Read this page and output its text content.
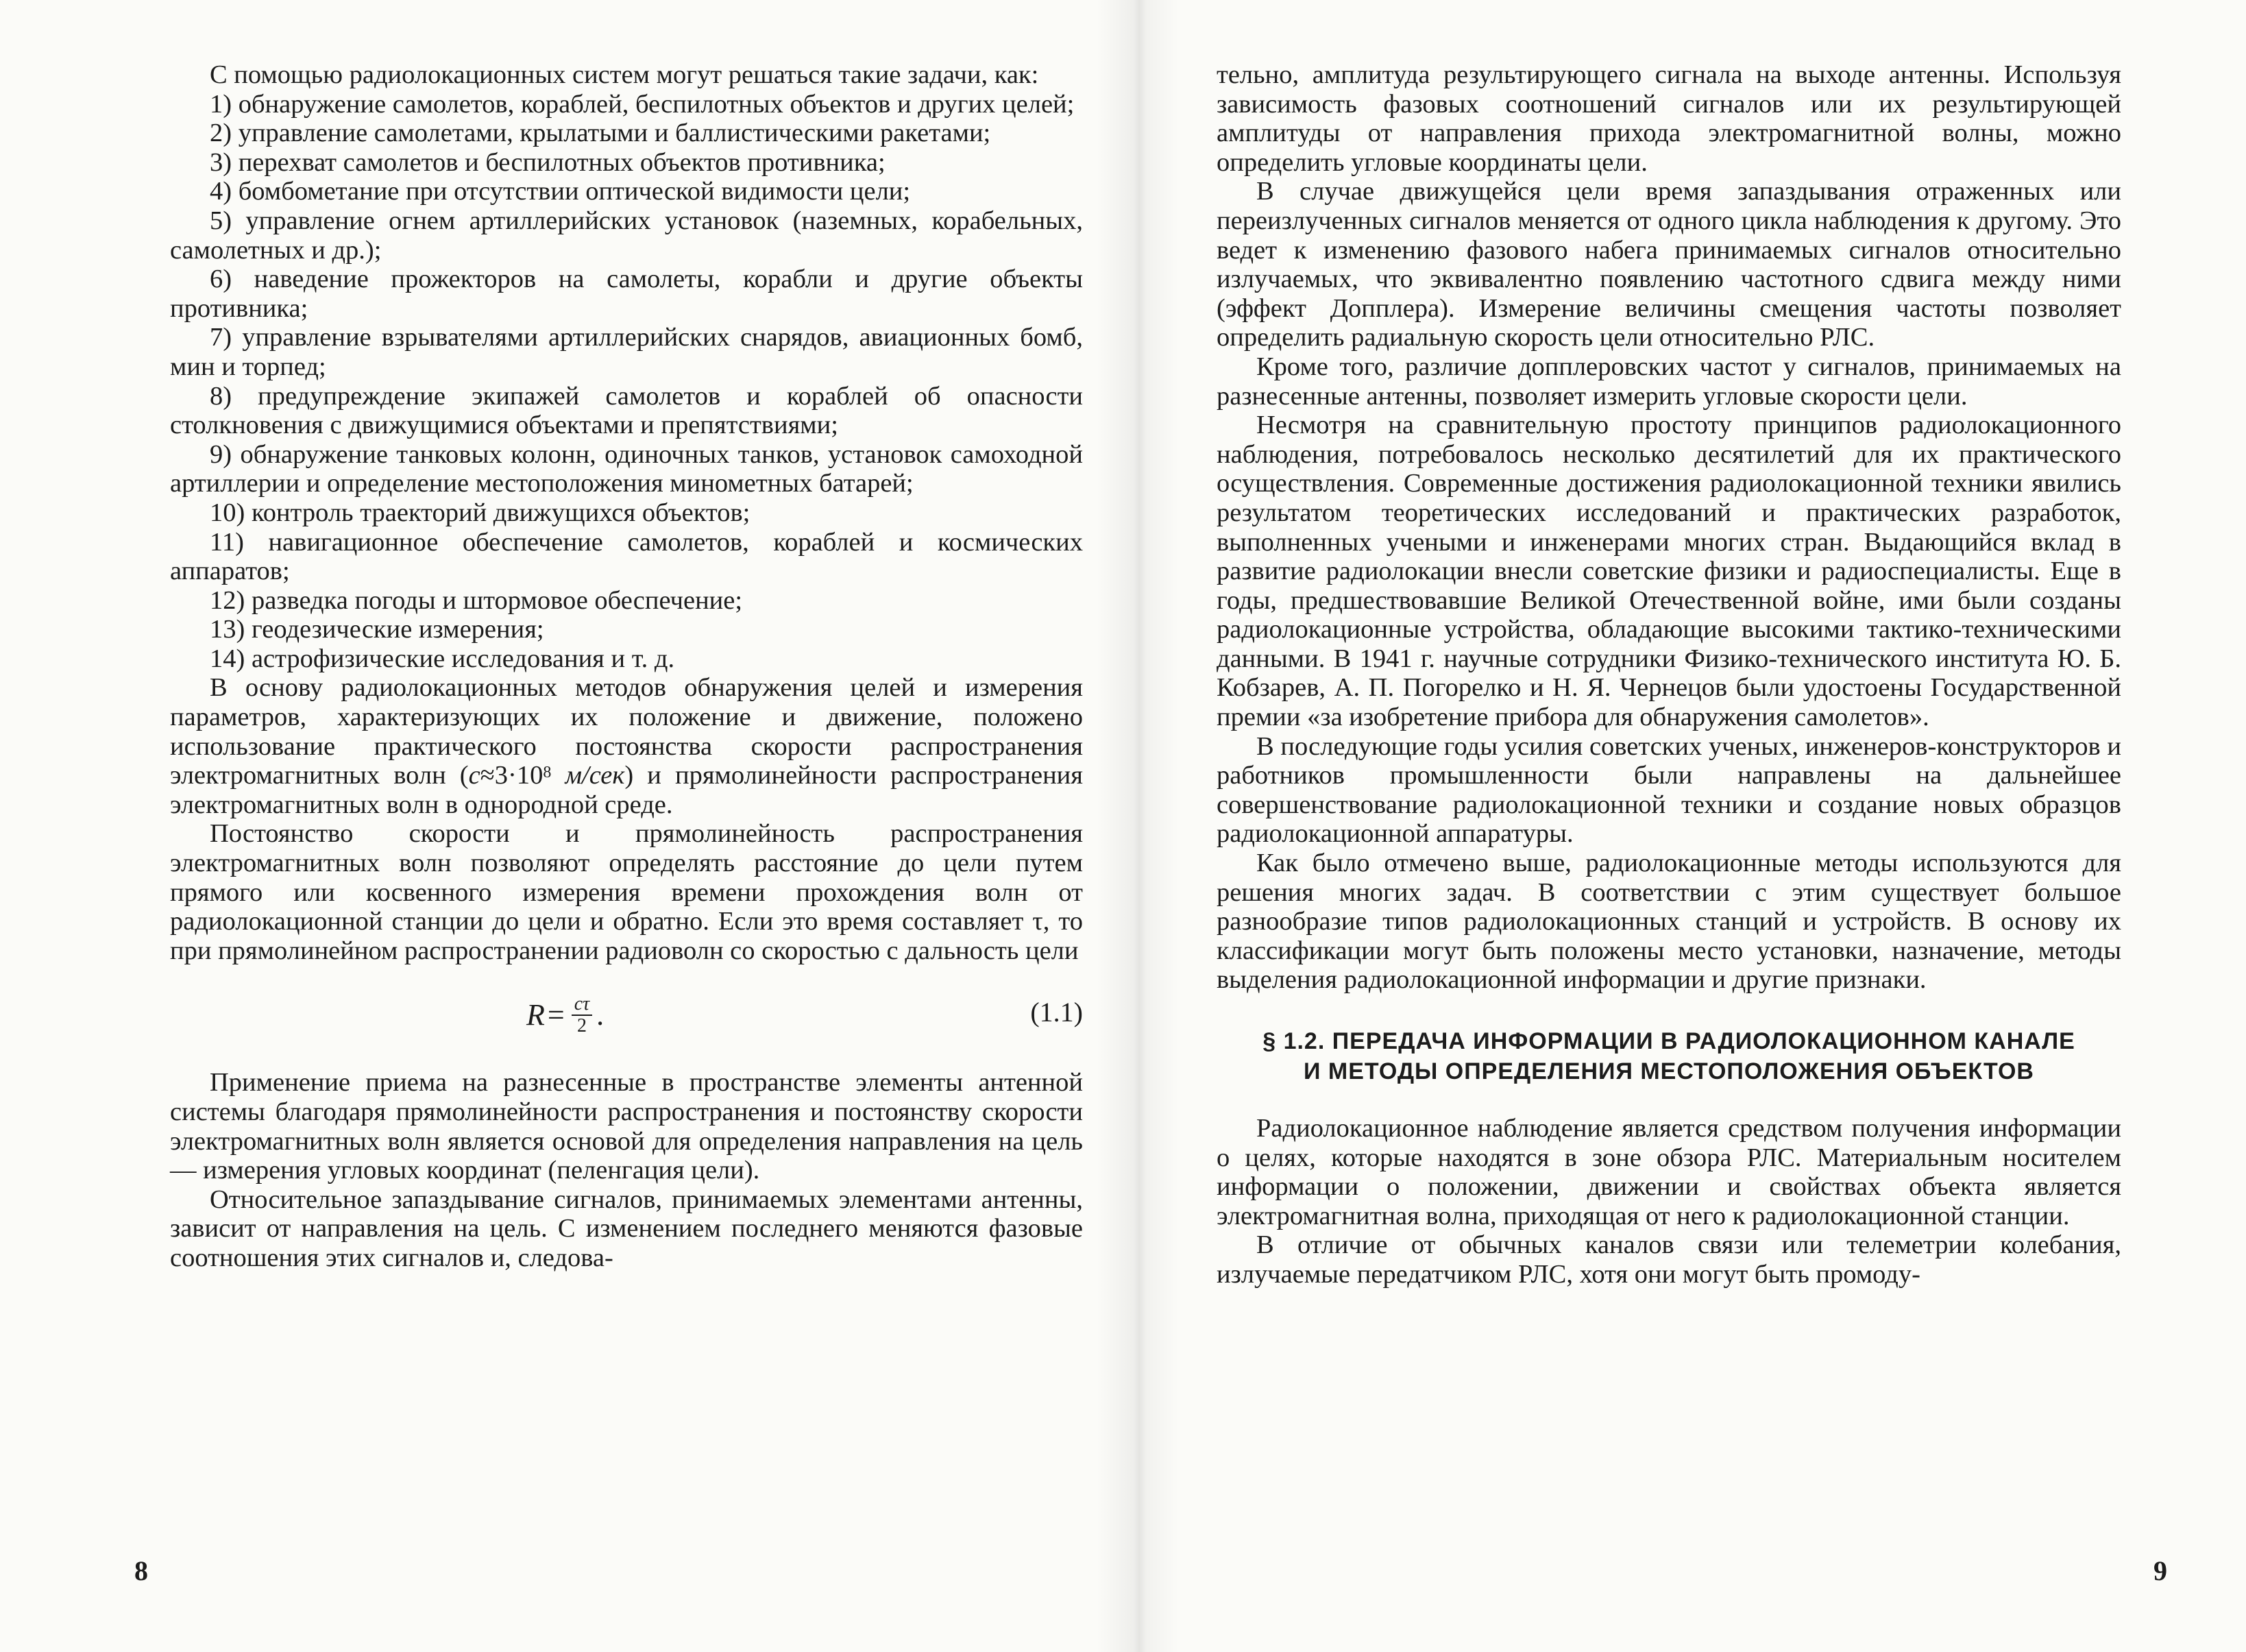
С помощью радиолокационных систем могут решаться такие задачи, как:

1) обнаружение самолетов, кораблей, беспилотных объектов и других целей;

2) управление самолетами, крылатыми и баллистическими ракетами;

3) перехват самолетов и беспилотных объектов противника;

4) бомбометание при отсутствии оптической видимости цели;

5) управление огнем артиллерийских установок (наземных, корабельных, самолетных и др.);

6) наведение прожекторов на самолеты, корабли и другие объекты противника;

7) управление взрывателями артиллерийских снарядов, авиационных бомб, мин и торпед;

8) предупреждение экипажей самолетов и кораблей об опасности столкновения с движущимися объектами и препятствиями;

9) обнаружение танковых колонн, одиночных танков, установок самоходной артиллерии и определение местоположения минометных батарей;

10) контроль траекторий движущихся объектов;

11) навигационное обеспечение самолетов, кораблей и космических аппаратов;

12) разведка погоды и штормовое обеспечение;

13) геодезические измерения;

14) астрофизические исследования и т. д.

В основу радиолокационных методов обнаружения целей и измерения параметров, характеризующих их положение и движение, положено использование практического постоянства скорости распространения электромагнитных волн ($c\approx 3\cdot 10^8$ м/сек) и прямолинейности распространения электромагнитных волн в однородной среде.

Постоянство скорости и прямолинейность распространения электромагнитных волн позволяют определять расстояние до цели путем прямого или косвенного измерения времени прохождения волн от радиолокационной станции до цели и обратно. Если это время составляет τ, то при прямолинейном распространении радиоволн со скоростью c дальность цели

$R = \frac{c\tau}{2}$ .	(1.1)

Применение приема на разнесенные в пространстве элементы антенной системы благодаря прямолинейности распространения и постоянству скорости электромагнитных волн является основой для определения направления на цель — измерения угловых координат (пеленгация цели).

Относительное запаздывание сигналов, принимаемых элементами антенны, зависит от направления на цель. С изменением последнего меняются фазовые соотношения этих сигналов и, следова-

8

тельно, амплитуда результирующего сигнала на выходе антенны. Используя зависимость фазовых соотношений сигналов или их результирующей амплитуды от направления прихода электромагнитной волны, можно определить угловые координаты цели.

В случае движущейся цели время запаздывания отраженных или переизлученных сигналов меняется от одного цикла наблюдения к другому. Это ведет к изменению фазового набега принимаемых сигналов относительно излучаемых, что эквивалентно появлению частотного сдвига между ними (эффект Допплера). Измерение величины смещения частоты позволяет определить радиальную скорость цели относительно РЛС.

Кроме того, различие допплеровских частот у сигналов, принимаемых на разнесенные антенны, позволяет измерить угловые скорости цели.

Несмотря на сравнительную простоту принципов радиолокационного наблюдения, потребовалось несколько десятилетий для их практического осуществления. Современные достижения радиолокационной техники явились результатом теоретических исследований и практических разработок, выполненных учеными и инженерами многих стран. Выдающийся вклад в развитие радиолокации внесли советские физики и радиоспециалисты. Еще в годы, предшествовавшие Великой Отечественной войне, ими были созданы радиолокационные устройства, обладающие высокими тактико-техническими данными. В 1941 г. научные сотрудники Физико-технического института Ю. Б. Кобзарев, А. П. Погорелко и Н. Я. Чернецов были удостоены Государственной премии «за изобретение прибора для обнаружения самолетов».

В последующие годы усилия советских ученых, инженеров-конструкторов и работников промышленности были направлены на дальнейшее совершенствование радиолокационной техники и создание новых образцов радиолокационной аппаратуры.

Как было отмечено выше, радиолокационные методы используются для решения многих задач. В соответствии с этим существует большое разнообразие типов радиолокационных станций и устройств. В основу их классификации могут быть положены место установки, назначение, методы выделения радиолокационной информации и другие признаки.

§ 1.2. ПЕРЕДАЧА ИНФОРМАЦИИ В РАДИОЛОКАЦИОННОМ КАНАЛЕ
И МЕТОДЫ ОПРЕДЕЛЕНИЯ МЕСТОПОЛОЖЕНИЯ ОБЪЕКТОВ

Радиолокационное наблюдение является средством получения информации о целях, которые находятся в зоне обзора РЛС. Материальным носителем информации о положении, движении и свойствах объекта является электромагнитная волна, приходящая от него к радиолокационной станции.

В отличие от обычных каналов связи или телеметрии колебания, излучаемые передатчиком РЛС, хотя они могут быть промоду-

9
